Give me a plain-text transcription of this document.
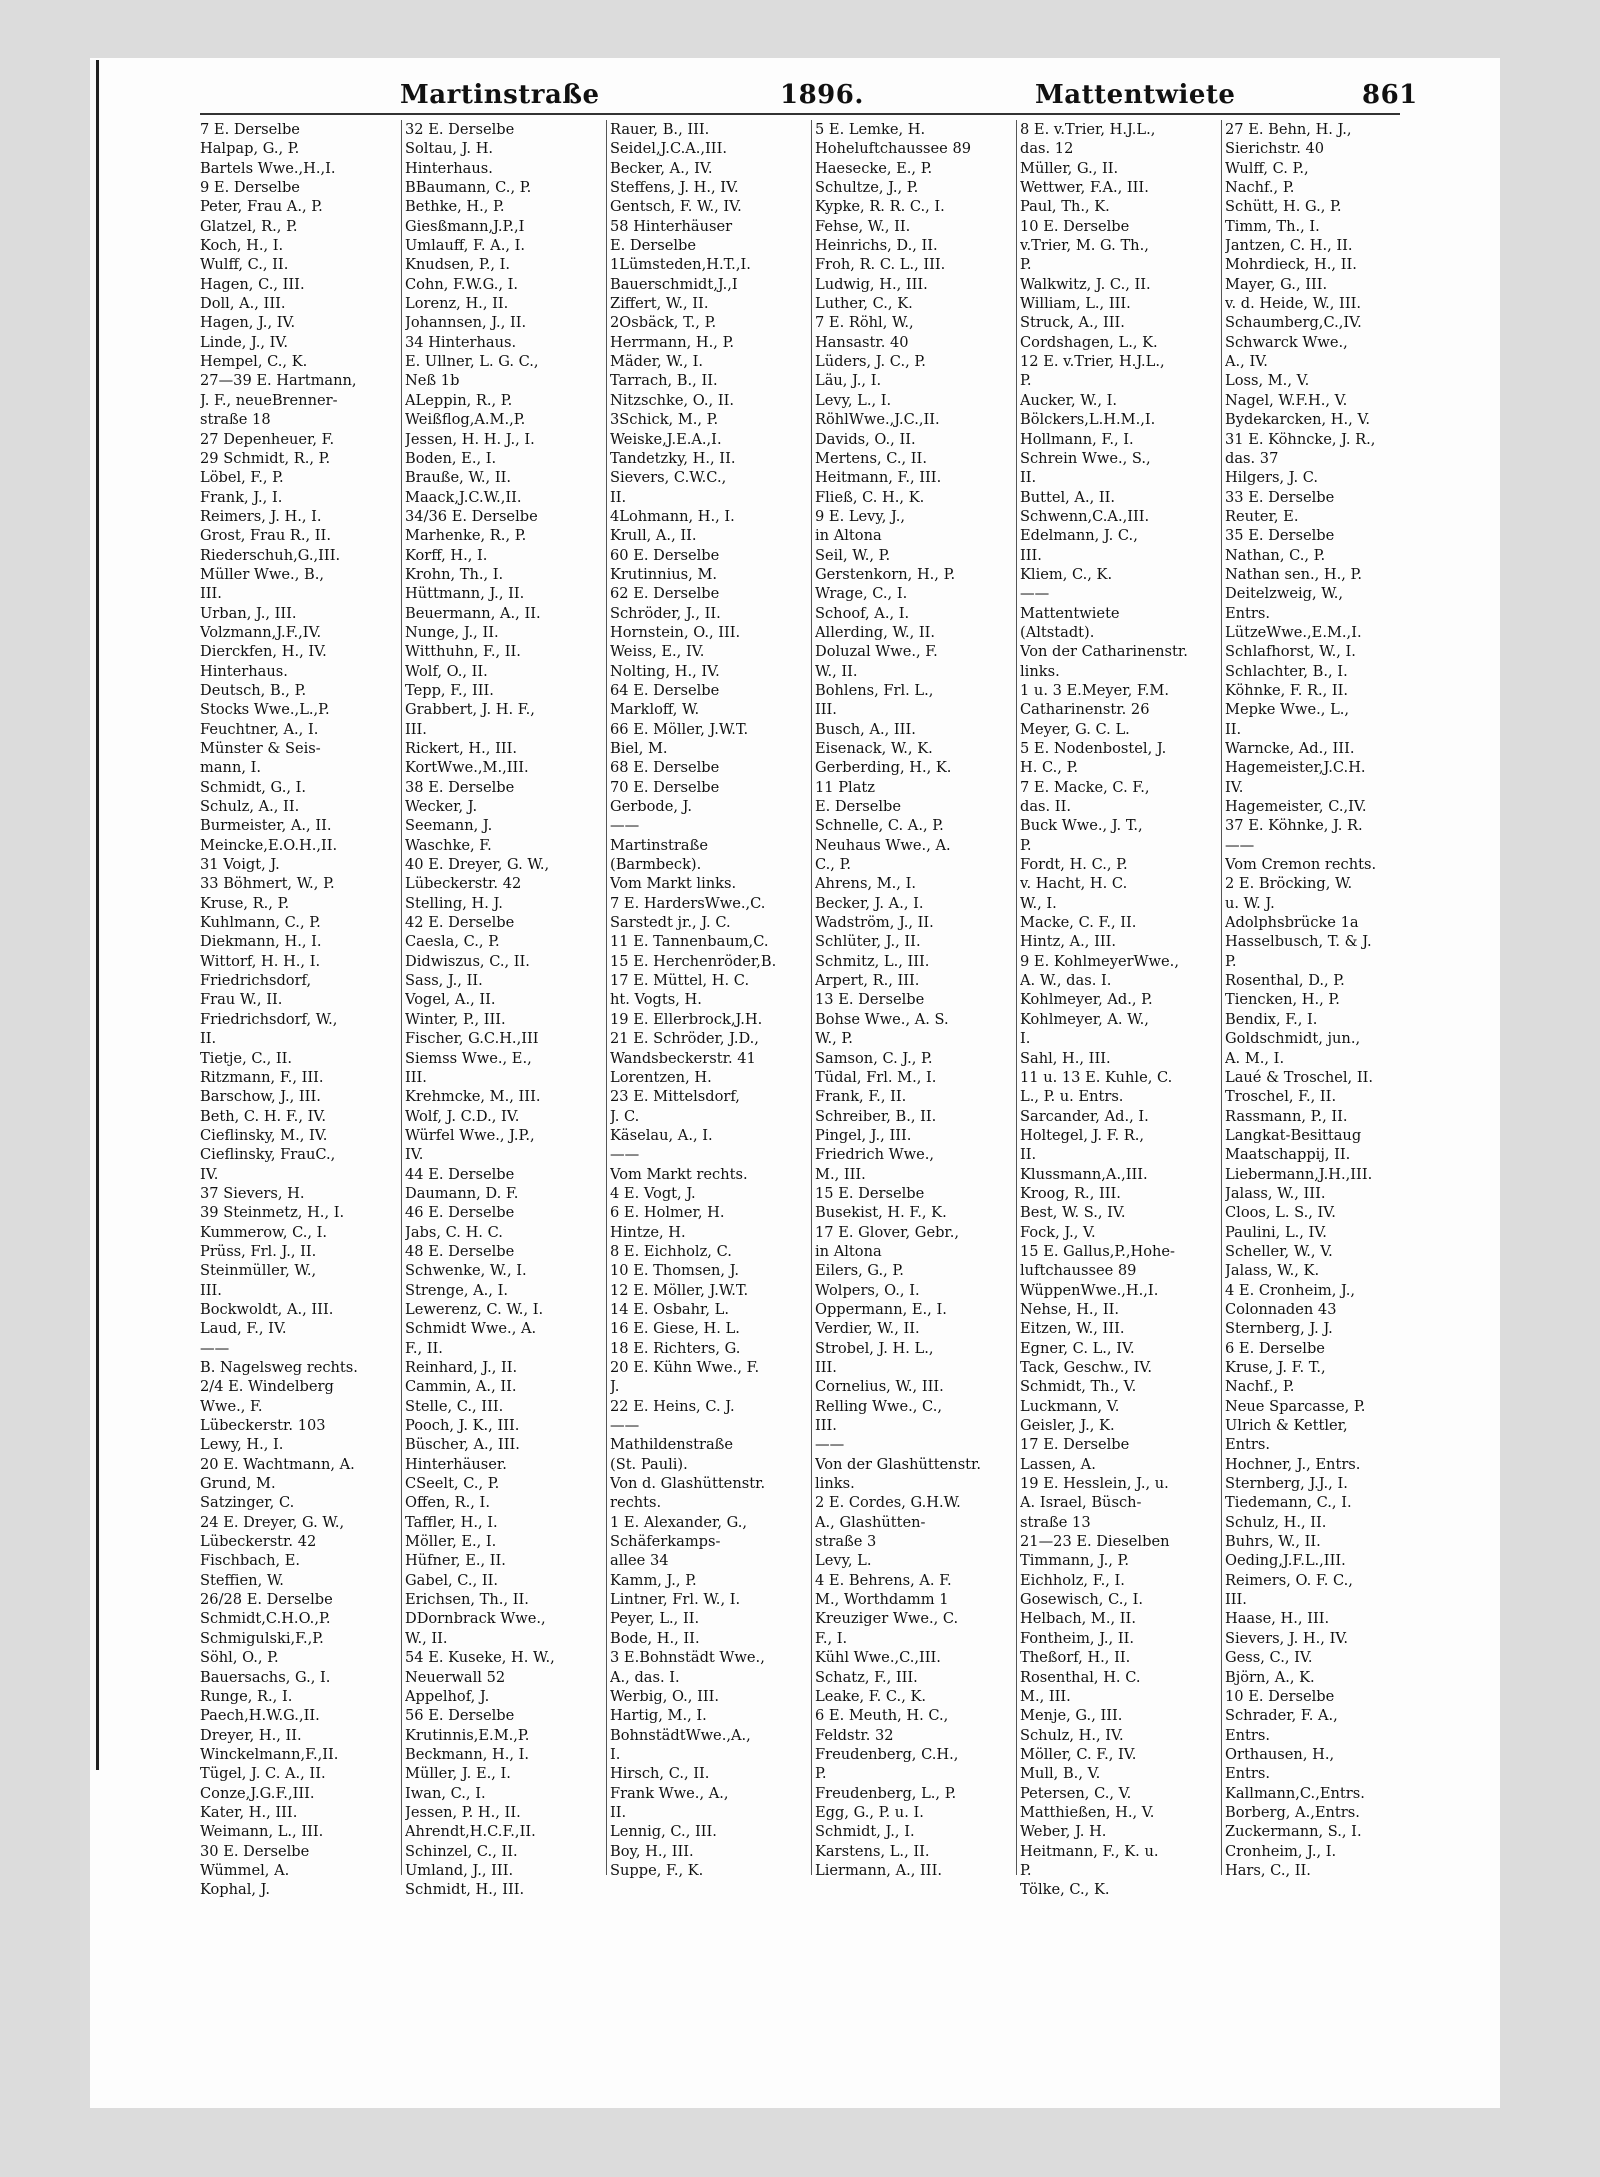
Martinstraße	1896.	Mattentwiete	861
7 E. Derselbe
Halpap, G., P.
Bartels Wwe.,H.,I.
9 E. Derselbe
Peter, Frau A., P.
Glatzel, R., P.
Koch, H., I.
Wulff, C., II.
Hagen, C., III.
Doll, A., III.
Hagen, J., IV.
Linde, J., IV.
Hempel, C., K.
27—39 E. Hartmann,
J. F., neueBrenner-
straße 18
27 Depenheuer, F.
29 Schmidt, R., P.
Löbel, F., P.
Frank, J., I.
Reimers, J. H., I.
Grost, Frau R., II.
Riederschuh,G.,III.
Müller Wwe., B.,
III.
Urban, J., III.
Volzmann,J.F.,IV.
Dierckfen, H., IV.
Hinterhaus.
Deutsch, B., P.
Stocks Wwe.,L.,P.
Feuchtner, A., I.
Münster & Seis-
mann, I.
Schmidt, G., I.
Schulz, A., II.
Burmeister, A., II.
Meincke,E.O.H.,II.
31 Voigt, J.
33 Böhmert, W., P.
Kruse, R., P.
Kuhlmann, C., P.
Diekmann, H., I.
Wittorf, H. H., I.
Friedrichsdorf,
Frau W., II.
Friedrichsdorf, W.,
II.
Tietje, C., II.
Ritzmann, F., III.
Barschow, J., III.
Beth, C. H. F., IV.
Cieflinsky, M., IV.
Cieflinsky, FrauC.,
IV.
37 Sievers, H.
39 Steinmetz, H., I.
Kummerow, C., I.
Prüss, Frl. J., II.
Steinmüller, W.,
III.
Bockwoldt, A., III.
Laud, F., IV.
——
B. Nagelsweg rechts.
2/4 E. Windelberg
Wwe., F.
Lübeckerstr. 103
Lewy, H., I.
20 E. Wachtmann, A.
Grund, M.
Satzinger, C.
24 E. Dreyer, G. W.,
Lübeckerstr. 42
Fischbach, E.
Steffien, W.
26/28 E. Derselbe
Schmidt,C.H.O.,P.
Schmigulski,F.,P.
Söhl, O., P.
Bauersachs, G., I.
Runge, R., I.
Paech,H.W.G.,II.
Dreyer, H., II.
Winckelmann,F.,II.
Tügel, J. C. A., II.
Conze,J.G.F.,III.
Kater, H., III.
Weimann, L., III.
30 E. Derselbe
Wümmel, A.
Kophal, J.
32 E. Derselbe
Soltau, J. H.
Hinterhaus.
BBaumann, C., P.
Bethke, H., P.
Giesßmann,J.P.,I
Umlauff, F. A., I.
Knudsen, P., I.
Cohn, F.W.G., I.
Lorenz, H., II.
Johannsen, J., II.
34 Hinterhaus.
E. Ullner, L. G. C.,
Neß 1b
ALeppin, R., P.
Weißflog,A.M.,P.
Jessen, H. H. J., I.
Boden, E., I.
Brauße, W., II.
Maack,J.C.W.,II.
34/36 E. Derselbe
Marhenke, R., P.
Korff, H., I.
Krohn, Th., I.
Hüttmann, J., II.
Beuermann, A., II.
Nunge, J., II.
Witthuhn, F., II.
Wolf, O., II.
Tepp, F., III.
Grabbert, J. H. F.,
III.
Rickert, H., III.
KortWwe.,M.,III.
38 E. Derselbe
Wecker, J.
Seemann, J.
Waschke, F.
40 E. Dreyer, G. W.,
Lübeckerstr. 42
Stelling, H. J.
42 E. Derselbe
Caesla, C., P.
Didwiszus, C., II.
Sass, J., II.
Vogel, A., II.
Winter, P., III.
Fischer, G.C.H.,III
Siemss Wwe., E.,
III.
Krehmcke, M., III.
Wolf, J. C.D., IV.
Würfel Wwe., J.P.,
IV.
44 E. Derselbe
Daumann, D. F.
46 E. Derselbe
Jabs, C. H. C.
48 E. Derselbe
Schwenke, W., I.
Strenge, A., I.
Lewerenz, C. W., I.
Schmidt Wwe., A.
F., II.
Reinhard, J., II.
Cammin, A., II.
Stelle, C., III.
Pooch, J. K., III.
Büscher, A., III.
Hinterhäuser.
CSeelt, C., P.
Offen, R., I.
Taffler, H., I.
Möller, E., I.
Hüfner, E., II.
Gabel, C., II.
Erichsen, Th., II.
DDornbrack Wwe.,
W., II.
54 E. Kuseke, H. W.,
Neuerwall 52
Appelhof, J.
56 E. Derselbe
Krutinnis,E.M.,P.
Beckmann, H., I.
Müller, J. E., I.
Iwan, C., I.
Jessen, P. H., II.
Ahrendt,H.C.F.,II.
Schinzel, C., II.
Umland, J., III.
Schmidt, H., III.
Rauer, B., III.
Seidel,J.C.A.,III.
Becker, A., IV.
Steffens, J. H., IV.
Gentsch, F. W., IV.
58 Hinterhäuser
E. Derselbe
1Lümsteden,H.T.,I.
Bauerschmidt,J.,I
Ziffert, W., II.
2Osbäck, T., P.
Herrmann, H., P.
Mäder, W., I.
Tarrach, B., II.
Nitzschke, O., II.
3Schick, M., P.
Weiske,J.E.A.,I.
Tandetzky, H., II.
Sievers, C.W.C.,
II.
4Lohmann, H., I.
Krull, A., II.
60 E. Derselbe
Krutinnius, M.
62 E. Derselbe
Schröder, J., II.
Hornstein, O., III.
Weiss, E., IV.
Nolting, H., IV.
64 E. Derselbe
Markloff, W.
66 E. Möller, J.W.T.
Biel, M.
68 E. Derselbe
70 E. Derselbe
Gerbode, J.
——
Martinstraße
(Barmbeck).
Vom Markt links.
7 E. HardersWwe.,C.
Sarstedt jr., J. C.
11 E. Tannenbaum,C.
15 E. Herchenröder,B.
17 E. Müttel, H. C.
ht. Vogts, H.
19 E. Ellerbrock,J.H.
21 E. Schröder, J.D.,
Wandsbeckerstr. 41
Lorentzen, H.
23 E. Mittelsdorf,
J. C.
Käselau, A., I.
——
Vom Markt rechts.
4 E. Vogt, J.
6 E. Holmer, H.
Hintze, H.
8 E. Eichholz, C.
10 E. Thomsen, J.
12 E. Möller, J.W.T.
14 E. Osbahr, L.
16 E. Giese, H. L.
18 E. Richters, G.
20 E. Kühn Wwe., F.
J.
22 E. Heins, C. J.
——
Mathildenstraße
(St. Pauli).
Von d. Glashüttenstr.
rechts.
1 E. Alexander, G.,
Schäferkamps-
allee 34
Kamm, J., P.
Lintner, Frl. W., I.
Peyer, L., II.
Bode, H., II.
3 E.Bohnstädt Wwe.,
A., das. I.
Werbig, O., III.
Hartig, M., I.
BohnstädtWwe.,A.,
I.
Hirsch, C., II.
Frank Wwe., A.,
II.
Lennig, C., III.
Boy, H., III.
Suppe, F., K.
5 E. Lemke, H.
Hoheluftchaussee 89
Haesecke, E., P.
Schultze, J., P.
Kypke, R. R. C., I.
Fehse, W., II.
Heinrichs, D., II.
Froh, R. C. L., III.
Ludwig, H., III.
Luther, C., K.
7 E. Röhl, W.,
Hansastr. 40
Lüders, J. C., P.
Läu, J., I.
Levy, L., I.
RöhlWwe.,J.C.,II.
Davids, O., II.
Mertens, C., II.
Heitmann, F., III.
Fließ, C. H., K.
9 E. Levy, J.,
in Altona
Seil, W., P.
Gerstenkorn, H., P.
Wrage, C., I.
Schoof, A., I.
Allerding, W., II.
Doluzal Wwe., F.
W., II.
Bohlens, Frl. L.,
III.
Busch, A., III.
Eisenack, W., K.
Gerberding, H., K.
11 Platz
E. Derselbe
Schnelle, C. A., P.
Neuhaus Wwe., A.
C., P.
Ahrens, M., I.
Becker, J. A., I.
Wadström, J., II.
Schlüter, J., II.
Schmitz, L., III.
Arpert, R., III.
13 E. Derselbe
Bohse Wwe., A. S.
W., P.
Samson, C. J., P.
Tüdal, Frl. M., I.
Frank, F., II.
Schreiber, B., II.
Pingel, J., III.
Friedrich Wwe.,
M., III.
15 E. Derselbe
Busekist, H. F., K.
17 E. Glover, Gebr.,
in Altona
Eilers, G., P.
Wolpers, O., I.
Oppermann, E., I.
Verdier, W., II.
Strobel, J. H. L.,
III.
Cornelius, W., III.
Relling Wwe., C.,
III.
——
Von der Glashüttenstr.
links.
2 E. Cordes, G.H.W.
A., Glashütten-
straße 3
Levy, L.
4 E. Behrens, A. F.
M., Worthdamm 1
Kreuziger Wwe., C.
F., I.
Kühl Wwe.,C.,III.
Schatz, F., III.
Leake, F. C., K.
6 E. Meuth, H. C.,
Feldstr. 32
Freudenberg, C.H.,
P.
Freudenberg, L., P.
Egg, G., P. u. I.
Schmidt, J., I.
Karstens, L., II.
Liermann, A., III.
8 E. v.Trier, H.J.L.,
das. 12
Müller, G., II.
Wettwer, F.A., III.
Paul, Th., K.
10 E. Derselbe
v.Trier, M. G. Th.,
P.
Walkwitz, J. C., II.
William, L., III.
Struck, A., III.
Cordshagen, L., K.
12 E. v.Trier, H.J.L.,
P.
Aucker, W., I.
Bölckers,L.H.M.,I.
Hollmann, F., I.
Schrein Wwe., S.,
II.
Buttel, A., II.
Schwenn,C.A.,III.
Edelmann, J. C.,
III.
Kliem, C., K.
——
Mattentwiete
(Altstadt).
Von der Catharinenstr.
links.
1 u. 3 E.Meyer, F.M.
Catharinenstr. 26
Meyer, G. C. L.
5 E. Nodenbostel, J.
H. C., P.
7 E. Macke, C. F.,
das. II.
Buck Wwe., J. T.,
P.
Fordt, H. C., P.
v. Hacht, H. C.
W., I.
Macke, C. F., II.
Hintz, A., III.
9 E. KohlmeyerWwe.,
A. W., das. I.
Kohlmeyer, Ad., P.
Kohlmeyer, A. W.,
I.
Sahl, H., III.
11 u. 13 E. Kuhle, C.
L., P. u. Entrs.
Sarcander, Ad., I.
Holtegel, J. F. R.,
II.
Klussmann,A.,III.
Kroog, R., III.
Best, W. S., IV.
Fock, J., V.
15 E. Gallus,P.,Hohe-
luftchaussee 89
WüppenWwe.,H.,I.
Nehse, H., II.
Eitzen, W., III.
Egner, C. L., IV.
Tack, Geschw., IV.
Schmidt, Th., V.
Luckmann, V.
Geisler, J., K.
17 E. Derselbe
Lassen, A.
19 E. Hesslein, J., u.
A. Israel, Büsch-
straße 13
21—23 E. Dieselben
Timmann, J., P.
Eichholz, F., I.
Gosewisch, C., I.
Helbach, M., II.
Fontheim, J., II.
Theßorf, H., II.
Rosenthal, H. C.
M., III.
Menje, G., III.
Schulz, H., IV.
Möller, C. F., IV.
Mull, B., V.
Petersen, C., V.
Matthießen, H., V.
Weber, J. H.
Heitmann, F., K. u.
P.
Tölke, C., K.
27 E. Behn, H. J.,
Sierichstr. 40
Wulff, C. P.,
Nachf., P.
Schütt, H. G., P.
Timm, Th., I.
Jantzen, C. H., II.
Mohrdieck, H., II.
Mayer, G., III.
v. d. Heide, W., III.
Schaumberg,C.,IV.
Schwarck Wwe.,
A., IV.
Loss, M., V.
Nagel, W.F.H., V.
Bydekarcken, H., V.
31 E. Köhncke, J. R.,
das. 37
Hilgers, J. C.
33 E. Derselbe
Reuter, E.
35 E. Derselbe
Nathan, C., P.
Nathan sen., H., P.
Deitelzweig, W.,
Entrs.
LützeWwe.,E.M.,I.
Schlafhorst, W., I.
Schlachter, B., I.
Köhnke, F. R., II.
Mepke Wwe., L.,
II.
Warncke, Ad., III.
Hagemeister,J.C.H.
IV.
Hagemeister, C.,IV.
37 E. Köhnke, J. R.
——
Vom Cremon rechts.
2 E. Bröcking, W.
u. W. J.
Adolphsbrücke 1a
Hasselbusch, T. & J.
P.
Rosenthal, D., P.
Tiencken, H., P.
Bendix, F., I.
Goldschmidt, jun.,
A. M., I.
Laué & Troschel, II.
Troschel, F., II.
Rassmann, P., II.
Langkat-Besittaug
Maatschappij, II.
Liebermann,J.H.,III.
Jalass, W., III.
Cloos, L. S., IV.
Paulini, L., IV.
Scheller, W., V.
Jalass, W., K.
4 E. Cronheim, J.,
Colonnaden 43
Sternberg, J. J.
6 E. Derselbe
Kruse, J. F. T.,
Nachf., P.
Neue Sparcasse, P.
Ulrich & Kettler,
Entrs.
Hochner, J., Entrs.
Sternberg, J.J., I.
Tiedemann, C., I.
Schulz, H., II.
Buhrs, W., II.
Oeding,J.F.L.,III.
Reimers, O. F. C.,
III.
Haase, H., III.
Sievers, J. H., IV.
Gess, C., IV.
Björn, A., K.
10 E. Derselbe
Schrader, F. A.,
Entrs.
Orthausen, H.,
Entrs.
Kallmann,C.,Entrs.
Borberg, A.,Entrs.
Zuckermann, S., I.
Cronheim, J., I.
Hars, C., II.
